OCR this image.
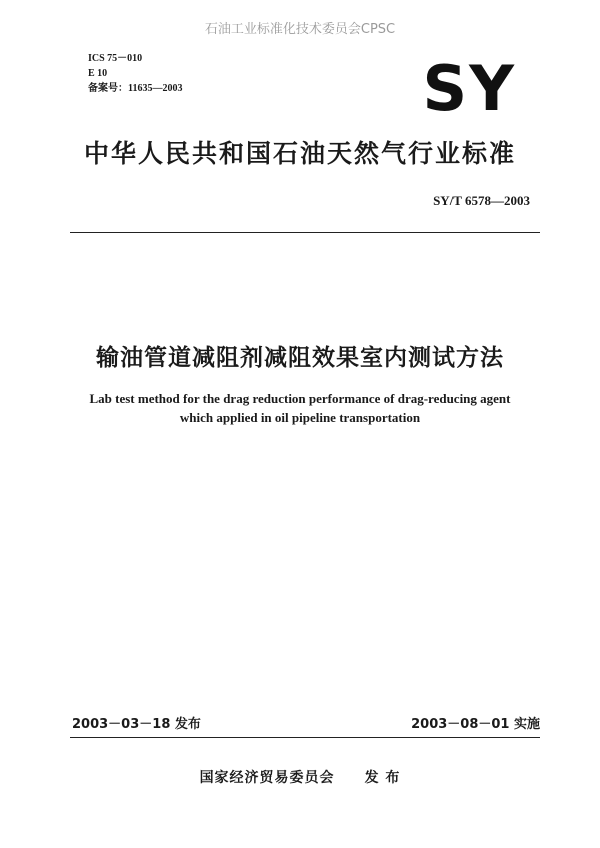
石油工业标准化技术委员会CPSC
ICS 75－010
E 10
备案号：11635—2003	SY
中华人民共和国石油天然气行业标准
SY/T 6578—2003
输油管道减阻剂减阻效果室内测试方法
Lab test method for the drag reduction performance of drag-reducing agent
which applied in oil pipeline transportation
2003－03－18 发布	2003－08－01 实施
国家经济贸易委员会 发 布
